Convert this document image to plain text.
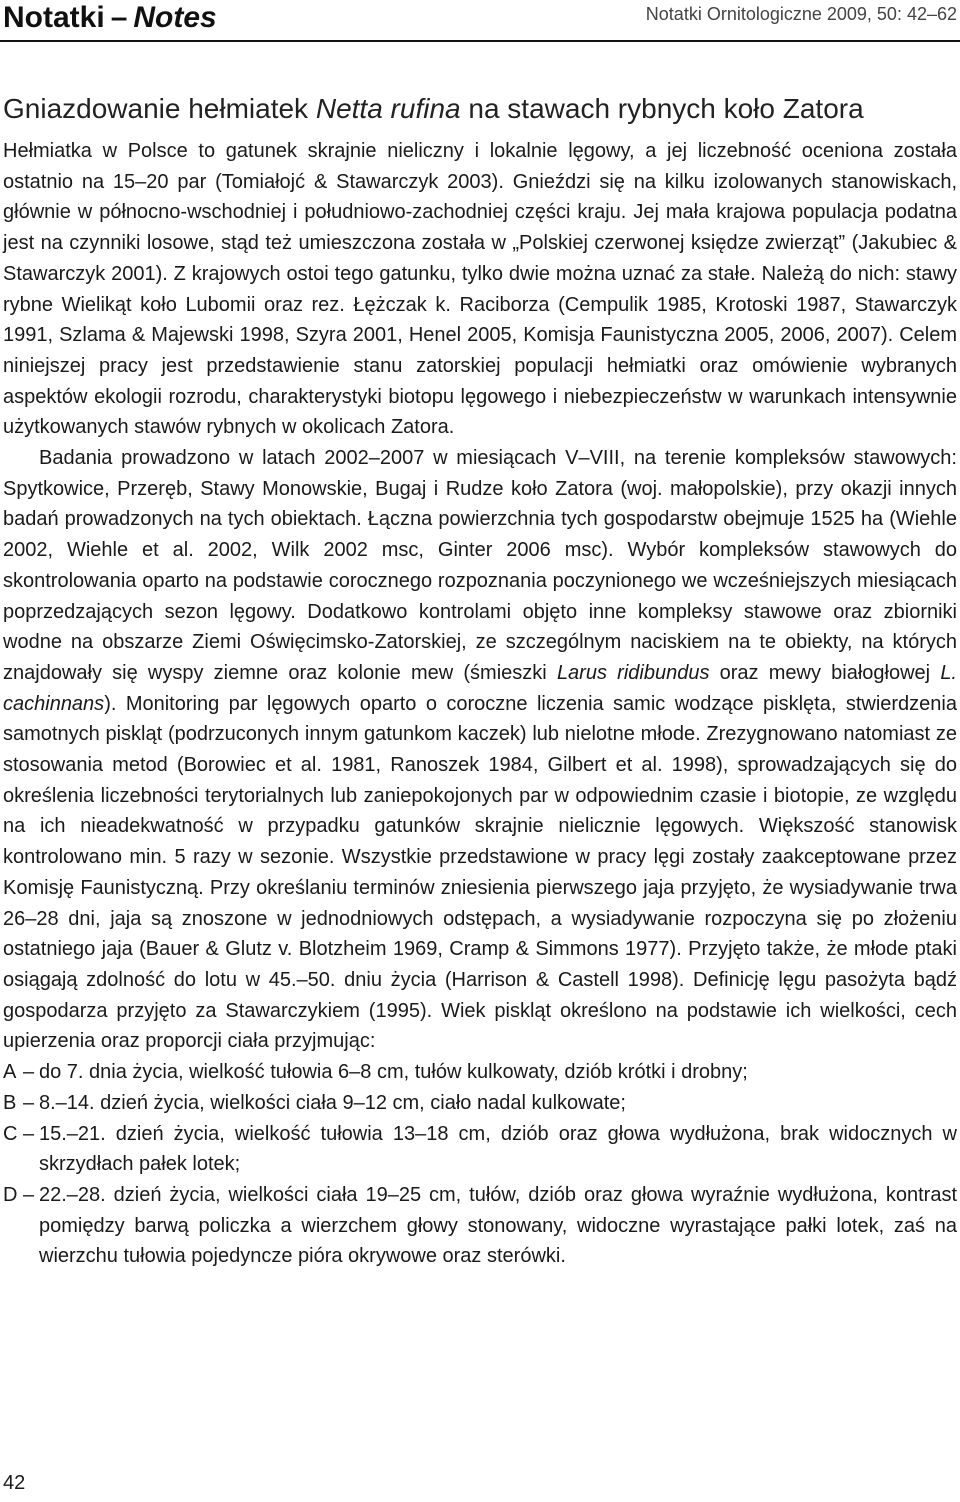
Notatki – Notes	Notatki Ornitologiczne 2009, 50: 42–62
Gniazdowanie hełmiatek Netta rufina na stawach rybnych koło Zatora

Hełmiatka w Polsce to gatunek skrajnie nieliczny i lokalnie lęgowy, a jej liczebność oceniona została ostatnio na 15–20 par (Tomiałojć & Stawarczyk 2003). Gnieździ się na kilku izolowanych stanowiskach, głównie w północno-wschodniej i południowo-zachodniej części kraju. Jej mała krajowa populacja podatna jest na czynniki losowe, stąd też umieszczona została w „Polskiej czerwonej księdze zwierząt” (Jakubiec & Stawarczyk 2001). Z krajowych ostoi tego gatunku, tylko dwie można uznać za stałe. Należą do nich: stawy rybne Wielikąt koło Lubomii oraz rez. Łężczak k. Raciborza (Cempulik 1985, Krotoski 1987, Stawarczyk 1991, Szlama & Majewski 1998, Szyra 2001, Henel 2005, Komisja Faunistyczna 2005, 2006, 2007). Celem niniejszej pracy jest przedstawienie stanu zatorskiej populacji hełmiatki oraz omówienie wybranych aspektów ekologii rozrodu, charakterystyki biotopu lęgowego i niebezpieczeństw w warunkach intensywnie użytkowanych stawów rybnych w okolicach Zatora.

Badania prowadzono w latach 2002–2007 w miesiącach V–VIII, na terenie kompleksów stawowych: Spytkowice, Przeręb, Stawy Monowskie, Bugaj i Rudze koło Zatora (woj. małopolskie), przy okazji innych badań prowadzonych na tych obiektach. Łączna powierzchnia tych gospodarstw obejmuje 1525 ha (Wiehle 2002, Wiehle et al. 2002, Wilk 2002 msc, Ginter 2006 msc). Wybór kompleksów stawowych do skontrolowania oparto na podstawie corocznego rozpoznania poczynionego we wcześniejszych miesiącach poprzedzających sezon lęgowy. Dodatkowo kontrolami objęto inne kompleksy stawowe oraz zbiorniki wodne na obszarze Ziemi Oświęcimsko-Zatorskiej, ze szczególnym naciskiem na te obiekty, na których znajdowały się wyspy ziemne oraz kolonie mew (śmieszki Larus ridibundus oraz mewy białogłowej L. cachinnans). Monitoring par lęgowych oparto o coroczne liczenia samic wodzące pisklęta, stwierdzenia samotnych piskląt (podrzuconych innym gatunkom kaczek) lub nielotne młode. Zrezygnowano natomiast ze stosowania metod (Borowiec et al. 1981, Ranoszek 1984, Gilbert et al. 1998), sprowadzających się do określenia liczebności terytorialnych lub zaniepokojonych par w odpowiednim czasie i biotopie, ze względu na ich nieadekwatność w przypadku gatunków skrajnie nielicznie lęgowych. Większość stanowisk kontrolowano min. 5 razy w sezonie. Wszystkie przedstawione w pracy lęgi zostały zaakceptowane przez Komisję Faunistyczną. Przy określaniu terminów zniesienia pierwszego jaja przyjęto, że wysiadywanie trwa 26–28 dni, jaja są znoszone w jednodniowych odstępach, a wysiadywanie rozpoczyna się po złożeniu ostatniego jaja (Bauer & Glutz v. Blotzheim 1969, Cramp & Simmons 1977). Przyjęto także, że młode ptaki osiągają zdolność do lotu w 45.–50. dniu życia (Harrison & Castell 1998). Definicję lęgu pasożyta bądź gospodarza przyjęto za Stawarczykiem (1995). Wiek piskląt określono na podstawie ich wielkości, cech upierzenia oraz proporcji ciała przyjmując:

A – do 7. dnia życia, wielkość tułowia 6–8 cm, tułów kulkowaty, dziób krótki i drobny;
B – 8.–14. dzień życia, wielkości ciała 9–12 cm, ciało nadal kulkowate;
C – 15.–21. dzień życia, wielkość tułowia 13–18 cm, dziób oraz głowa wydłużona, brak widocznych w skrzydłach pałek lotek;
D – 22.–28. dzień życia, wielkości ciała 19–25 cm, tułów, dziób oraz głowa wyraźnie wydłużona, kontrast pomiędzy barwą policzka a wierzchem głowy stonowany, widoczne wyrastające pałki lotek, zaś na wierzchu tułowia pojedyncze pióra okrywowe oraz sterówki.
42
